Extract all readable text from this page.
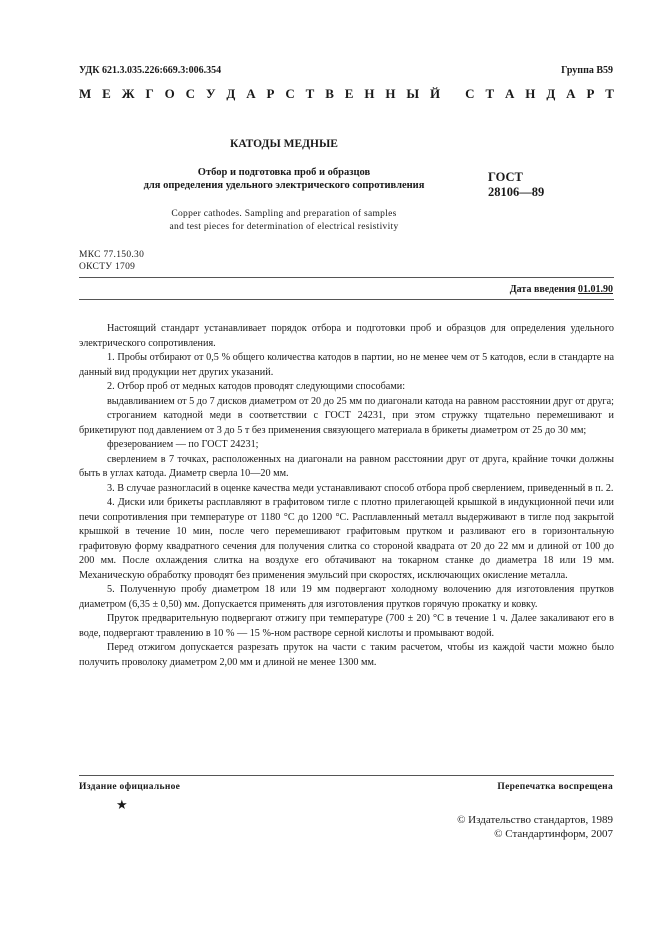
УДК 621.3.035.226:669.3:006.354	Группа В59
М Е Ж Г О С У Д А Р С Т В Е Н Н Ы Й
С Т А Н Д А Р Т
КАТОДЫ МЕДНЫЕ
Отбор и подготовка проб и образцов
для определения удельного электрического сопротивления
ГОСТ
28106—89
Copper cathodes. Sampling and preparation of samples
and test pieces for determination of electrical resistivity
МКС 77.150.30
ОКСТУ 1709
Дата введения 01.01.90

Настоящий стандарт устанавливает порядок отбора и подготовки проб и образцов для определения удельного электрического сопротивления.

1. Пробы отбирают от 0,5 % общего количества катодов в партии, но не менее чем от 5 катодов, если в стандарте на данный вид продукции нет других указаний.

2. Отбор проб от медных катодов проводят следующими способами:

выдавливанием от 5 до 7 дисков диаметром от 20 до 25 мм по диагонали катода на равном расстоянии друг от друга;

строганием катодной меди в соответствии с ГОСТ 24231, при этом стружку тщательно перемешивают и брикетируют под давлением от 3 до 5 т без применения связующего материала в брикеты диаметром от 25 до 30 мм;

фрезерованием — по ГОСТ 24231;

сверлением в 7 точках, расположенных на диагонали на равном расстоянии друг от друга, крайние точки должны быть в углах катода. Диаметр сверла 10—20 мм.

3. В случае разногласий в оценке качества меди устанавливают способ отбора проб сверлением, приведенный в п. 2.

4. Диски или брикеты расплавляют в графитовом тигле с плотно прилегающей крышкой в индукционной печи или печи сопротивления при температуре от 1180 °С до 1200 °С. Расплавленный металл выдерживают в тигле под закрытой крышкой в течение 10 мин, после чего перемешивают графитовым прутком и разливают его в горизонтальную графитовую форму квадратного сечения для получения слитка со стороной квадрата от 20 до 22 мм и длиной от 100 до 200 мм. После охлаждения слитка на воздухе его обтачивают на токарном станке до диаметра 18 или 19 мм. Механическую обработку проводят без применения эмульсий при скоростях, исключающих окисление металла.

5. Полученную пробу диаметром 18 или 19 мм подвергают холодному волочению для изготовления прутков диаметром (6,35 ± 0,50) мм. Допускается применять для изготовления прутков горячую прокатку и ковку.

Пруток предварительную подвергают отжигу при температуре (700 ± 20) °С в течение 1 ч. Далее закаливают его в воде, подвергают травлению в 10 % — 15 %-ном растворе серной кислоты и промывают водой.

Перед отжигом допускается разрезать пруток на части с таким расчетом, чтобы из каждой части можно было получить проволоку диаметром 2,00 мм и длиной не менее 1300 мм.

Издание официальное	Перепечатка воспрещена
★
© Издательство стандартов, 1989
© Стандартинформ, 2007
